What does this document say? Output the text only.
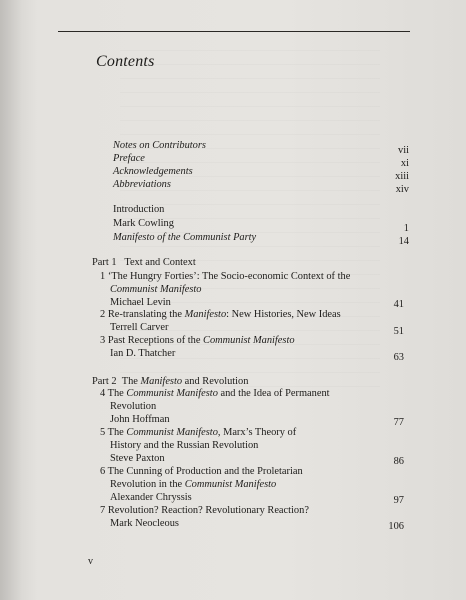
Contents
Notes on Contributors	vii
Preface	xi
Acknowledgements	xiii
Abbreviations	xiv
Introduction
Mark Cowling	1
Manifesto of the Communist Party	14
Part 1 Text and Context
1 ‘The Hungry Forties’: The Socio-economic Context of the
Communist Manifesto
Michael Levin	41
2 Re-translating the Manifesto: New Histories, New Ideas
Terrell Carver	51
3 Past Receptions of the Communist Manifesto
Ian D. Thatcher	63
Part 2 The Manifesto and Revolution
4 The Communist Manifesto and the Idea of Permanent
Revolution
John Hoffman	77
5 The Communist Manifesto, Marx’s Theory of
History and the Russian Revolution
Steve Paxton	86
6 The Cunning of Production and the Proletarian
Revolution in the Communist Manifesto
Alexander Chryssis	97
7 Revolution? Reaction? Revolutionary Reaction?
Mark Neocleous	106
v
